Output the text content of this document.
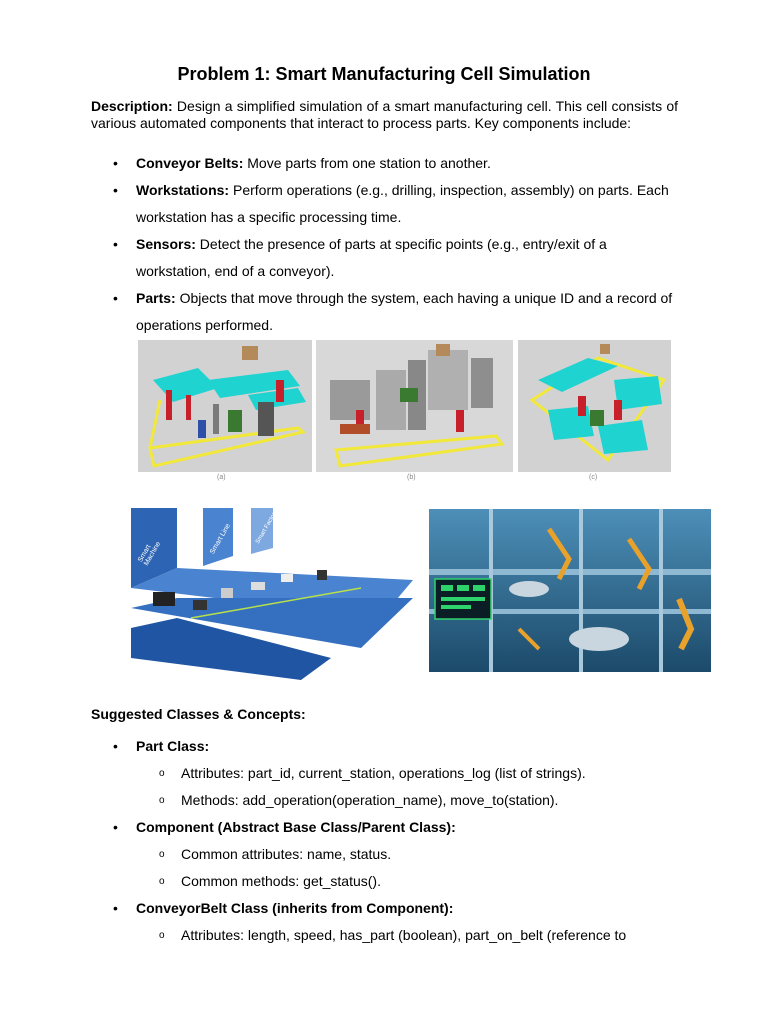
Problem 1: Smart Manufacturing Cell Simulation

Description: Design a simplified simulation of a smart manufacturing cell. This cell consists of various automated components that interact to process parts. Key components include:

• Conveyor Belts: Move parts from one station to another.
• Workstations: Perform operations (e.g., drilling, inspection, assembly) on parts. Each workstation has a specific processing time.
• Sensors: Detect the presence of parts at specific points (e.g., entry/exit of a workstation, end of a conveyor).
• Parts: Objects that move through the system, each having a unique ID and a record of operations performed.
(a)	(b)	(c)
Smart Machine	Smart Line	Smart Factory

Suggested Classes & Concepts:

• Part Class:
o Attributes: part_id, current_station, operations_log (list of strings).
o Methods: add_operation(operation_name), move_to(station).
• Component (Abstract Base Class/Parent Class):
o Common attributes: name, status.
o Common methods: get_status().
• ConveyorBelt Class (inherits from Component):
o Attributes: length, speed, has_part (boolean), part_on_belt (reference to
